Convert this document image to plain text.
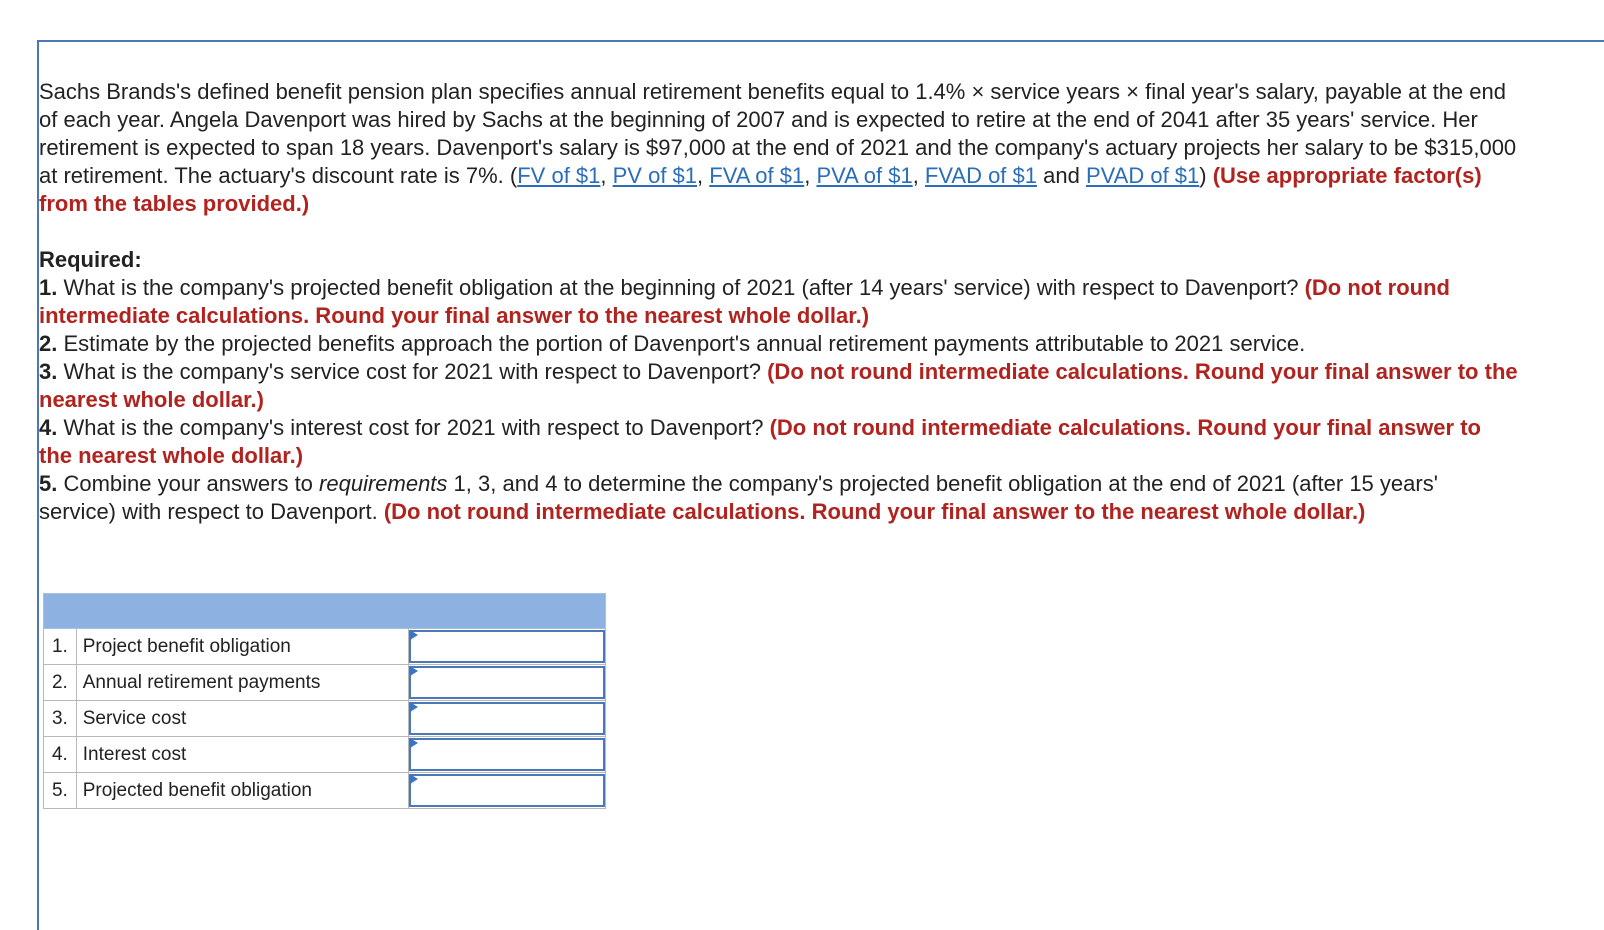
Sachs Brands's defined benefit pension plan specifies annual retirement benefits equal to 1.4% × service years × final year's salary, payable at the end of each year. Angela Davenport was hired by Sachs at the beginning of 2007 and is expected to retire at the end of 2041 after 35 years' service. Her retirement is expected to span 18 years. Davenport's salary is $97,000 at the end of 2021 and the company's actuary projects her salary to be $315,000 at retirement. The actuary's discount rate is 7%. (FV of $1, PV of $1, FVA of $1, PVA of $1, FVAD of $1 and PVAD of $1) (Use appropriate factor(s) from the tables provided.)

Required:

1. What is the company's projected benefit obligation at the beginning of 2021 (after 14 years' service) with respect to Davenport? (Do not round intermediate calculations. Round your final answer to the nearest whole dollar.)

2. Estimate by the projected benefits approach the portion of Davenport's annual retirement payments attributable to 2021 service.

3. What is the company's service cost for 2021 with respect to Davenport? (Do not round intermediate calculations. Round your final answer to the nearest whole dollar.)

4. What is the company's interest cost for 2021 with respect to Davenport? (Do not round intermediate calculations. Round your final answer to the nearest whole dollar.)

5. Combine your answers to requirements 1, 3, and 4 to determine the company's projected benefit obligation at the end of 2021 (after 15 years' service) with respect to Davenport. (Do not round intermediate calculations. Round your final answer to the nearest whole dollar.)

1.	Project benefit obligation	

2.	Annual retirement payments	

3.	Service cost	

4.	Interest cost	

5.	Projected benefit obligation	
